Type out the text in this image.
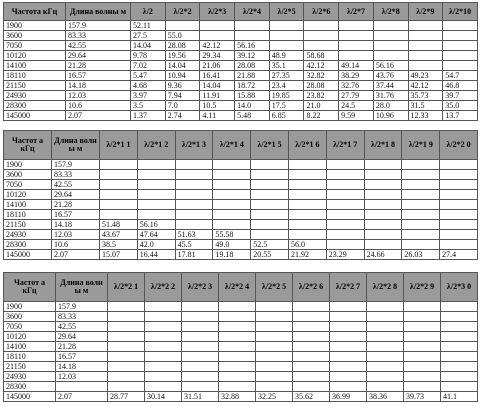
Частота кГц	Длина волны м	λ/2	λ/2*2	λ/2*3	λ/2*4	λ/2*5	λ/2*6	λ/2*7	λ/2*8	λ/2*9	λ/2*10
1900	157.9	52.11									
3600	83.33	27.5	55.0								
7050	42.55	14.04	28.08	42.12	56.16						
10120	29.64	9.78	19.56	29.34	39.12	48.9	58.68				
14100	21.28	7.02	14.04	21.06	28.08	35.1	42.12	49.14	56.16		
18110	16.57	5.47	10.94	16.41	21.88	27.35	32.82	38.29	43.76	49.23	54.7
21150	14.18	4.68	9.36	14.04	18.72	23.4	28.08	32.76	37.44	42.12	46.8
24930	12.03	3.97	7.94	11.91	15.88	19.85	23.82	27.79	31.76	35.73	39.7
28300	10.6	3.5	7.0	10.5	14.0	17.5	21.0	24.5	28.0	31.5	35.0
145000	2.07	1.37	2.74	4.11	5.48	6.85	8.22	9.59	10.96	12.33	13.7
Частот а кГц	Длина волн ы м	λ/2*1 1	λ/2*1 2	λ/2*1 3	λ/2*1 4	λ/2*1 5	λ/2*1 6	λ/2*1 7	λ/2*1 8	λ/2*1 9	λ/2*2 0
1900	157.9										
3600	83.33										
7050	42.55										
10120	29.64										
14100	21.28										
18110	16.57										
21150	14.18	51.48	56.16								
24930	12.03	43.67	47.64	51.63	55.58						
28300	10.6	38.5	42.0	45.5	49.0	52.5	56.0				
145000	2.07	15.07	16.44	17.81	19.18	20.55	21.92	23.29	24.66	26.03	27.4
Частот а кГц	Длина волн ы м	λ/2*2 1	λ/2*2 2	λ/2*2 3	λ/2*2 4	λ/2*2 5	λ/2*2 6	λ/2*2 7	λ/2*2 8	λ/2*2 9	λ/2*3 0
1900	157.9										
3600	83.33										
7050	42.55										
10120	29.64										
14100	21.28										
18110	16.57										
21150	14.18										
24930	12.03										
28300											
145000	2.07	28.77	30.14	31.51	32.88	32.25	35.62	36.99	38.36	39.73	41.1
